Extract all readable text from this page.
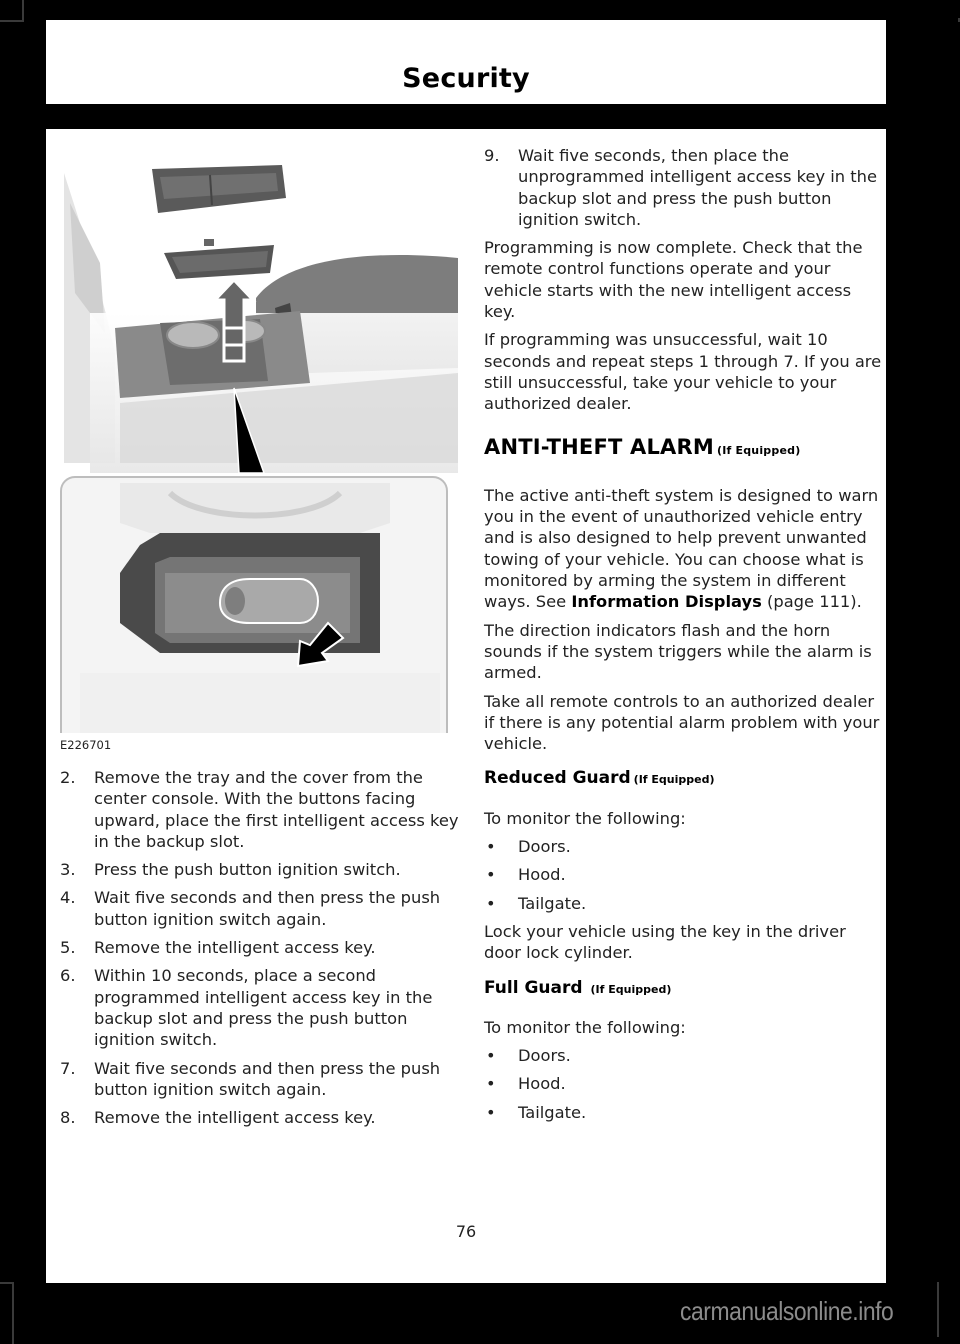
Security
E226701
2. Remove the tray and the cover from the center console. With the buttons facing upward, place the first intelligent access key in the backup slot.
3. Press the push button ignition switch.
4. Wait five seconds and then press the push button ignition switch again.
5. Remove the intelligent access key.
6. Within 10 seconds, place a second programmed intelligent access key in the backup slot and press the push button ignition switch.
7. Wait five seconds and then press the push button ignition switch again.
8. Remove the intelligent access key.
9. Wait five seconds, then place the unprogrammed intelligent access key in the backup slot and press the push button ignition switch.

Programming is now complete. Check that the remote control functions operate and your vehicle starts with the new intelligent access key.

If programming was unsuccessful, wait 10 seconds and repeat steps 1 through 7. If you are still unsuccessful, take your vehicle to your authorized dealer.

ANTI-THEFT ALARM (If Equipped)

The active anti-theft system is designed to warn you in the event of unauthorized vehicle entry and is also designed to help prevent unwanted towing of your vehicle. You can choose what is monitored by arming the system in different ways. See Information Displays (page 111).

The direction indicators flash and the horn sounds if the system triggers while the alarm is armed.

Take all remote controls to an authorized dealer if there is any potential alarm problem with your vehicle.

Reduced Guard (If Equipped)

To monitor the following:

• Doors.
• Hood.
• Tailgate.

Lock your vehicle using the key in the driver door lock cylinder.

Full Guard (If Equipped)

To monitor the following:

• Doors.
• Hood.
• Tailgate.
76
carmanualsonline.info
